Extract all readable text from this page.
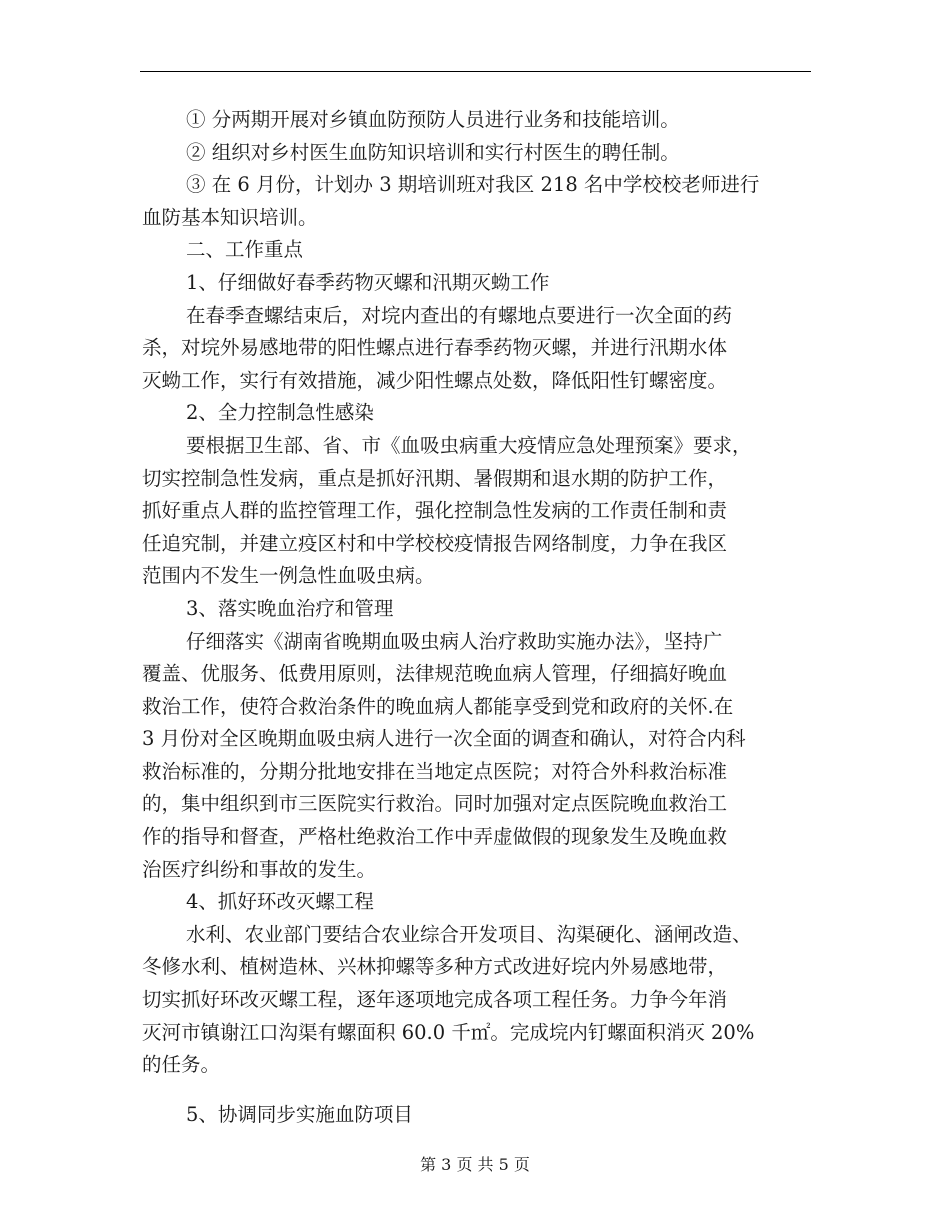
① 分两期开展对乡镇血防预防人员进行业务和技能培训。
② 组织对乡村医生血防知识培训和实行村医生的聘任制。
③ 在 6 月份，计划办 3 期培训班对我区 218 名中学校校老师进行
血防基本知识培训。
二、工作重点
1、仔细做好春季药物灭螺和汛期灭蚴工作
在春季查螺结束后，对垸内查出的有螺地点要进行一次全面的药
杀，对垸外易感地带的阳性螺点进行春季药物灭螺，并进行汛期水体
灭蚴工作，实行有效措施，减少阳性螺点处数，降低阳性钉螺密度。
2、全力控制急性感染
要根据卫生部、省、市《血吸虫病重大疫情应急处理预案》要求，
切实控制急性发病，重点是抓好汛期、暑假期和退水期的防护工作，
抓好重点人群的监控管理工作，强化控制急性发病的工作责任制和责
任追究制，并建立疫区村和中学校校疫情报告网络制度，力争在我区
范围内不发生一例急性血吸虫病。
3、落实晚血治疗和管理
仔细落实《湖南省晚期血吸虫病人治疗救助实施办法》，坚持广
覆盖、优服务、低费用原则，法律规范晚血病人管理，仔细搞好晚血
救治工作，使符合救治条件的晚血病人都能享受到党和政府的关怀.在
3 月份对全区晚期血吸虫病人进行一次全面的调查和确认，对符合内科
救治标准的，分期分批地安排在当地定点医院；对符合外科救治标准
的，集中组织到市三医院实行救治。同时加强对定点医院晚血救治工
作的指导和督查，严格杜绝救治工作中弄虚做假的现象发生及晚血救
治医疗纠纷和事故的发生。
4、抓好环改灭螺工程
水利、农业部门要结合农业综合开发项目、沟渠硬化、涵闸改造、
冬修水利、植树造林、兴林抑螺等多种方式改进好垸内外易感地带，
切实抓好环改灭螺工程，逐年逐项地完成各项工程任务。力争今年消
灭河市镇谢江口沟渠有螺面积 60.0 千㎡。完成垸内钉螺面积消灭 20%
的任务。
5、协调同步实施血防项目
第 3 页 共 5 页
